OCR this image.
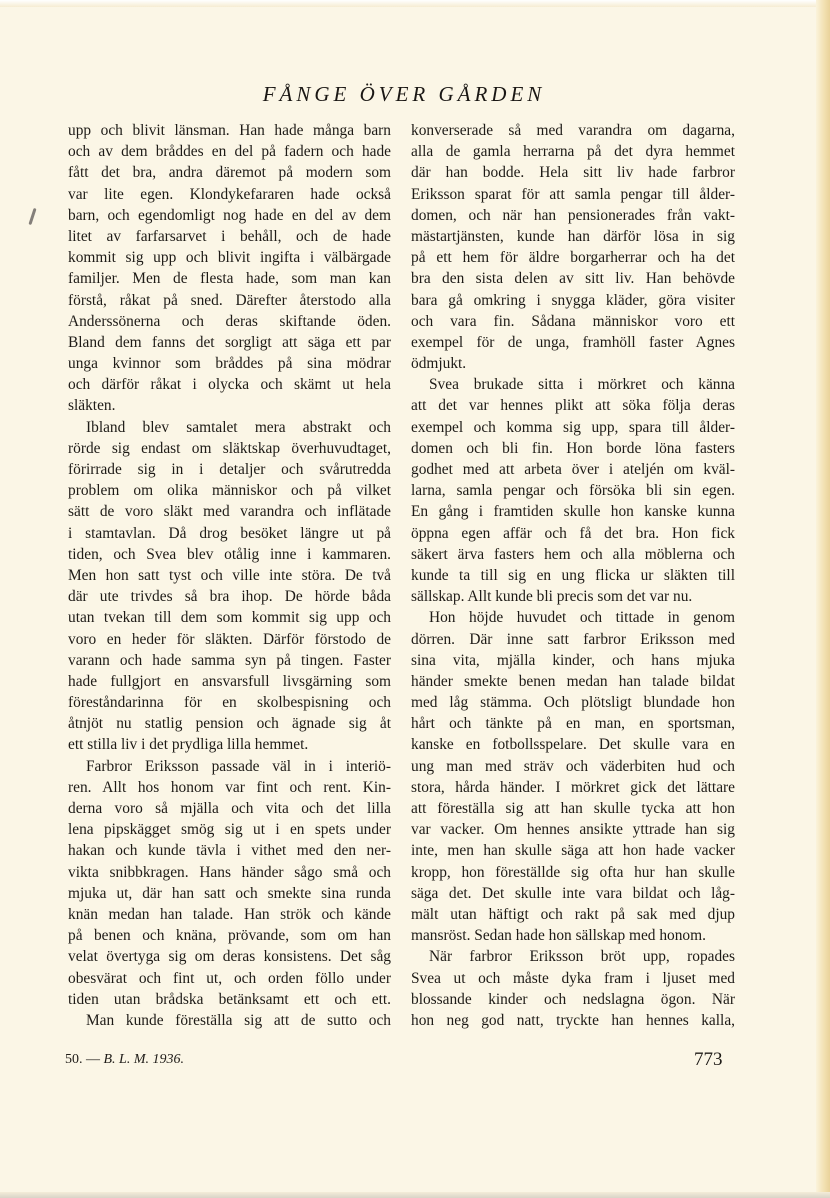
FÅNGE ÖVER GÅRDEN
upp och blivit länsman. Han hade många barn
och av dem bråddes en del på fadern och hade
fått det bra, andra däremot på modern som
var lite egen. Klondykefararen hade också
barn, och egendomligt nog hade en del av dem
litet av farfarsarvet i behåll, och de hade
kommit sig upp och blivit ingifta i välbärgade
familjer. Men de flesta hade, som man kan
förstå, råkat på sned. Därefter återstodo alla
Anderssönerna och deras skiftande öden.
Bland dem fanns det sorgligt att säga ett par
unga kvinnor som bråddes på sina mödrar
och därför råkat i olycka och skämt ut hela
släkten.
Ibland blev samtalet mera abstrakt och
rörde sig endast om släktskap överhuvudtaget,
förirrade sig in i detaljer och svårutredda
problem om olika människor och på vilket
sätt de voro släkt med varandra och inflätade
i stamtavlan. Då drog besöket längre ut på
tiden, och Svea blev otålig inne i kammaren.
Men hon satt tyst och ville inte störa. De två
där ute trivdes så bra ihop. De hörde båda
utan tvekan till dem som kommit sig upp och
voro en heder för släkten. Därför förstodo de
varann och hade samma syn på tingen. Faster
hade fullgjort en ansvarsfull livsgärning som
föreståndarinna för en skolbespisning och
åtnjöt nu statlig pension och ägnade sig åt
ett stilla liv i det prydliga lilla hemmet.
Farbror Eriksson passade väl in i interiö-
ren. Allt hos honom var fint och rent. Kin-
derna voro så mjälla och vita och det lilla
lena pipskägget smög sig ut i en spets under
hakan och kunde tävla i vithet med den ner-
vikta snibbkragen. Hans händer sågo små och
mjuka ut, där han satt och smekte sina runda
knän medan han talade. Han strök och kände
på benen och knäna, prövande, som om han
velat övertyga sig om deras konsistens. Det såg
obesvärat och fint ut, och orden föllo under
tiden utan brådska betänksamt ett och ett.
Man kunde föreställa sig att de sutto och
konverserade så med varandra om dagarna,
alla de gamla herrarna på det dyra hemmet
där han bodde. Hela sitt liv hade farbror
Eriksson sparat för att samla pengar till ålder-
domen, och när han pensionerades från vakt-
mästartjänsten, kunde han därför lösa in sig
på ett hem för äldre borgarherrar och ha det
bra den sista delen av sitt liv. Han behövde
bara gå omkring i snygga kläder, göra visiter
och vara fin. Sådana människor voro ett
exempel för de unga, framhöll faster Agnes
ödmjukt.
Svea brukade sitta i mörkret och känna
att det var hennes plikt att söka följa deras
exempel och komma sig upp, spara till ålder-
domen och bli fin. Hon borde löna fasters
godhet med att arbeta över i ateljén om kväl-
larna, samla pengar och försöka bli sin egen.
En gång i framtiden skulle hon kanske kunna
öppna egen affär och få det bra. Hon fick
säkert ärva fasters hem och alla möblerna och
kunde ta till sig en ung flicka ur släkten till
sällskap. Allt kunde bli precis som det var nu.
Hon höjde huvudet och tittade in genom
dörren. Där inne satt farbror Eriksson med
sina vita, mjälla kinder, och hans mjuka
händer smekte benen medan han talade bildat
med låg stämma. Och plötsligt blundade hon
hårt och tänkte på en man, en sportsman,
kanske en fotbollsspelare. Det skulle vara en
ung man med sträv och väderbiten hud och
stora, hårda händer. I mörkret gick det lättare
att föreställa sig att han skulle tycka att hon
var vacker. Om hennes ansikte yttrade han sig
inte, men han skulle säga att hon hade vacker
kropp, hon föreställde sig ofta hur han skulle
säga det. Det skulle inte vara bildat och låg-
mält utan häftigt och rakt på sak med djup
mansröst. Sedan hade hon sällskap med honom.
När farbror Eriksson bröt upp, ropades
Svea ut och måste dyka fram i ljuset med
blossande kinder och nedslagna ögon. När
hon neg god natt, tryckte han hennes kalla,
50. — B. L. M. 1936.	773
